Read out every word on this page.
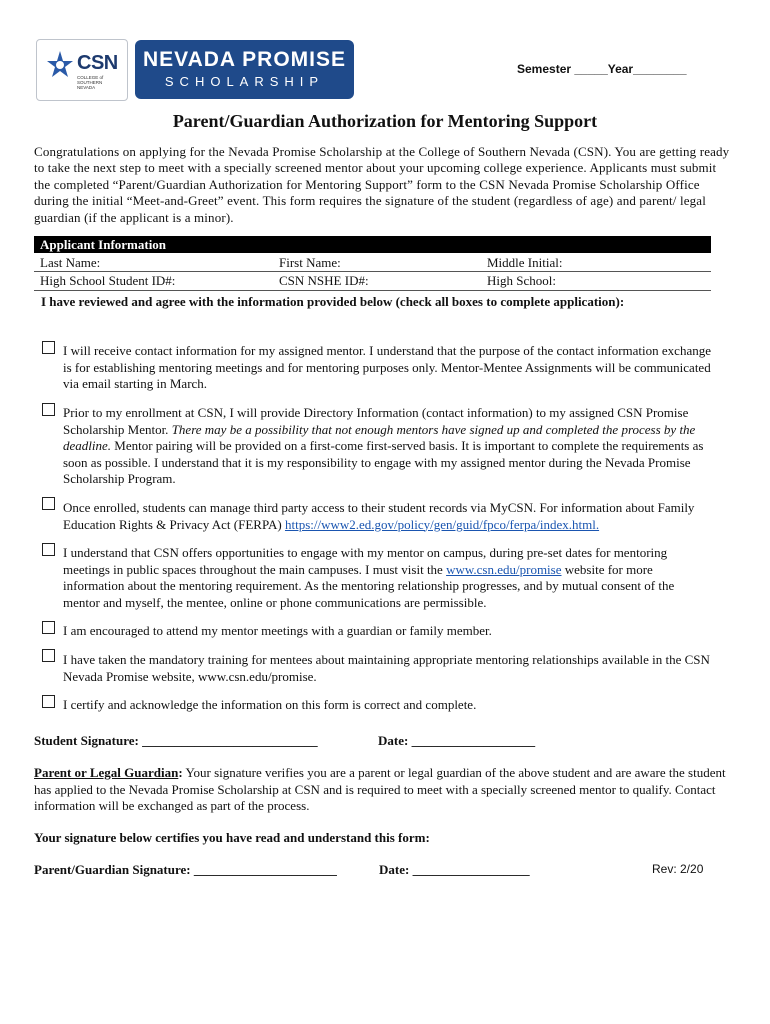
CSN
COLLEGE of SOUTHERN NEVADA
NEVADA PROMISE
SCHOLARSHIP
Semester _____Year________
Parent/Guardian Authorization for Mentoring Support
Congratulations on applying for the Nevada Promise Scholarship at the College of Southern Nevada (CSN). You are getting ready to take the next step to meet with a specially screened mentor about your upcoming college experience. Applicants must submit the completed “Parent/Guardian Authorization for Mentoring Support” form to the CSN Nevada Promise Scholarship Office during the initial “Meet-and-Greet” event. This form requires the signature of the student (regardless of age) and parent/ legal guardian (if the applicant is a minor).
Applicant Information
Last Name:	First Name:	Middle Initial:
High School Student ID#:	CSN NSHE ID#:	High School:
I have reviewed and agree with the information provided below (check all boxes to complete application):
I will receive contact information for my assigned mentor. I understand that the purpose of the contact information exchange is for establishing mentoring meetings and for mentoring purposes only. Mentor-Mentee Assignments will be communicated via email starting in March.
Prior to my enrollment at CSN, I will provide Directory Information (contact information) to my assigned CSN Promise Scholarship Mentor. There may be a possibility that not enough mentors have signed up and completed the process by the deadline. Mentor pairing will be provided on a first-come first-served basis. It is important to complete the requirements as soon as possible. I understand that it is my responsibility to engage with my assigned mentor during the Nevada Promise Scholarship Program.
Once enrolled, students can manage third party access to their student records via MyCSN. For information about Family Education Rights & Privacy Act (FERPA) https://www2.ed.gov/policy/gen/guid/fpco/ferpa/index.html.
I understand that CSN offers opportunities to engage with my mentor on campus, during pre-set dates for mentoring meetings in public spaces throughout the main campuses. I must visit the www.csn.edu/promise website for more information about the mentoring requirement. As the mentoring relationship progresses, and by mutual consent of the mentor and myself, the mentee, online or phone communications are permissible.
I am encouraged to attend my mentor meetings with a guardian or family member.
I have taken the mandatory training for mentees about maintaining appropriate mentoring relationships available in the CSN Nevada Promise website, www.csn.edu/promise.
I certify and acknowledge the information on this form is correct and complete.
Student Signature: ___________________________	Date: ___________________
Parent or Legal Guardian: Your signature verifies you are a parent or legal guardian of the above student and are aware the student has applied to the Nevada Promise Scholarship at CSN and is required to meet with a specially screened mentor to qualify. Contact information will be exchanged as part of the process.
Your signature below certifies you have read and understand this form:
Parent/Guardian Signature: ______________________	Date: __________________	Rev: 2/20
